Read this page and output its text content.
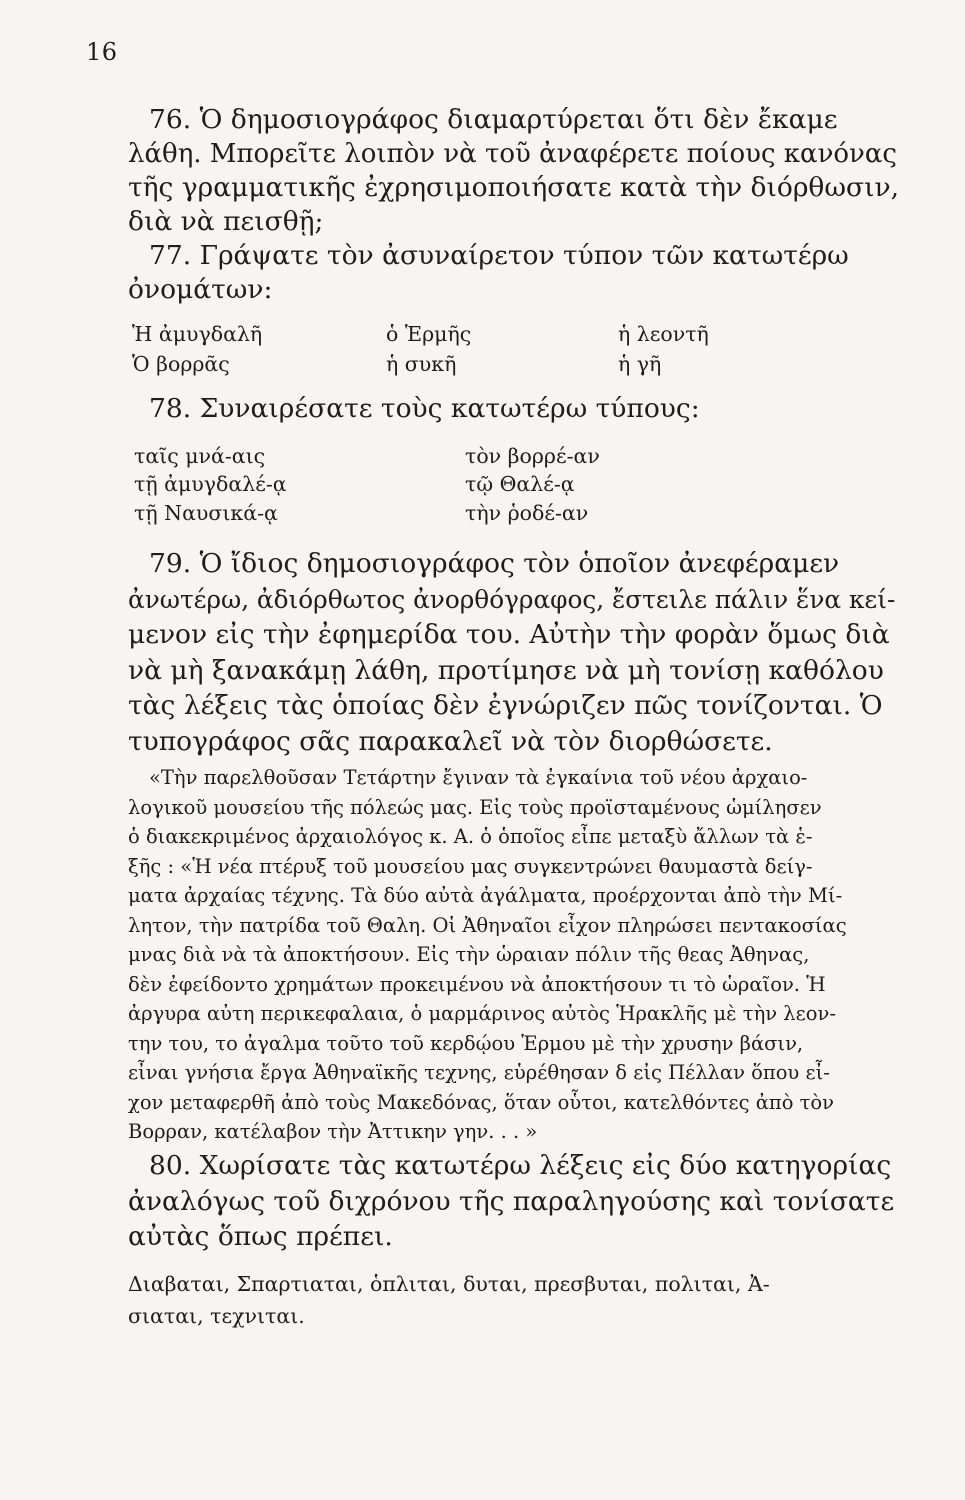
16
76. Ὁ δημοσιογράφος διαμαρτύρεται ὅτι δὲν ἔκαμε
λάθη. Μπορεῖτε λοιπὸν νὰ τοῦ ἀναφέρετε ποίους κανόνας
τῆς γραμματικῆς ἐχρησιμοποιήσατε κατὰ τὴν διόρθωσιν,
διὰ νὰ πεισθῇ;
77. Γράψατε τὸν ἀσυναίρετον τύπον τῶν κατωτέρω
ὀνομάτων:
Ἡ ἀμυγδαλῆ	ὁ Ἑρμῆς	ἡ λεοντῆ
Ὁ βορρᾶς	ἡ συκῆ	ἡ γῆ
78. Συναιρέσατε τοὺς κατωτέρω τύπους:
ταῖς μνά-αις	τὸν βορρέ-αν
τῇ ἀμυγδαλέ-ᾳ	τῷ Θαλέ-ᾳ
τῇ Ναυσικά-ᾳ	τὴν ῥοδέ-αν
79. Ὁ ἴδιος δημοσιογράφος τὸν ὁποῖον ἀνεφέραμεν
ἀνωτέρω, ἀδιόρθωτος ἀνορθόγραφος, ἔστειλε πάλιν ἕνα κεί-
μενον εἰς τὴν ἐφημερίδα του. Αὐτὴν τὴν φορὰν ὅμως διὰ
νὰ μὴ ξανακάμῃ λάθη, προτίμησε νὰ μὴ τονίσῃ καθόλου
τὰς λέξεις τὰς ὁποίας δὲν ἐγνώριζεν πῶς τονίζονται. Ὁ
τυπογράφος σᾶς παρακαλεῖ νὰ τὸν διορθώσετε.
«Τὴν παρελθοῦσαν Τετάρτην ἔγιναν τὰ ἐγκαίνια τοῦ νέου ἀρχαιο-
λογικοῦ μουσείου τῆς πόλεώς μας. Εἰς τοὺς προϊσταμένους ὡμίλησεν
ὁ διακεκριμένος ἀρχαιολόγος κ. Α. ὁ ὁποῖος εἶπε μεταξὺ ἄλλων τὰ ἑ-
ξῆς : «Ἡ νέα πτέρυξ τοῦ μουσείου μας συγκεντρώνει θαυμαστὰ δείγ-
ματα ἀρχαίας τέχνης. Τὰ δύο αὐτὰ ἀγάλματα, προέρχονται ἀπὸ τὴν Μί-
λητον, τὴν πατρίδα τοῦ Θαλη. Οἱ Ἀθηναῖοι εἶχον πληρώσει πεντακοσίας
μνας διὰ νὰ τὰ ἀποκτήσουν. Εἰς τὴν ὡραιαν πόλιν τῆς θεας Ἀθηνας,
δὲν ἐφείδοντο χρημάτων προκειμένου νὰ ἀποκτήσουν τι τὸ ὡραῖον. Ἡ
ἀργυρα αὐτη περικεφαλαια, ὁ μαρμάρινος αὐτὸς Ἡρακλῆς μὲ τὴν λεον-
την του, το ἀγαλμα τοῦτο τοῦ κερδῴου Ἑρμου μὲ τὴν χρυσην βάσιν,
εἶναι γνήσια ἔργα Ἀθηναϊκῆς τεχνης, εὑρέθησαν δ εἰς Πέλλαν ὅπου εἶ-
χον μεταφερθῆ ἀπὸ τοὺς Μακεδόνας, ὅταν οὗτοι, κατελθόντες ἀπὸ τὸν
Βορραν, κατέλαβον τὴν Ἀττικην γην. . . »
80. Χωρίσατε τὰς κατωτέρω λέξεις εἰς δύο κατηγορίας
ἀναλόγως τοῦ διχρόνου τῆς παραληγούσης καὶ τονίσατε
αὐτὰς ὅπως πρέπει.
Διαβαται, Σπαρτιαται, ὁπλιται, δυται, πρεσβυται, πολιται, Ἀ-
σιαται, τεχνιται.
